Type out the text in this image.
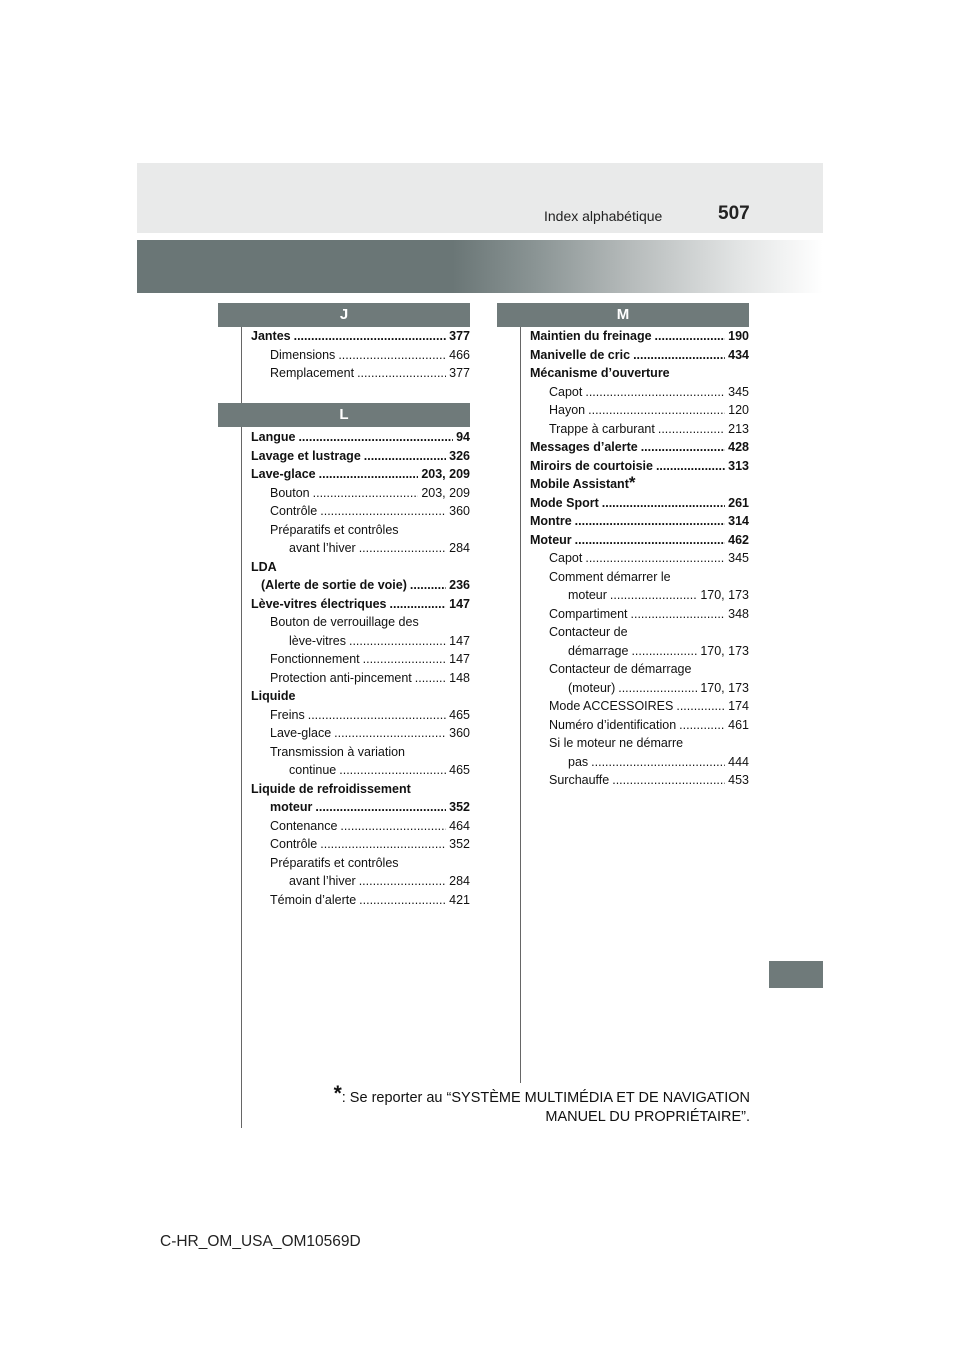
Index alphabétique	507
J
Jantes .....	377
Dimensions .....	466
Remplacement .....	377
L
Langue .....	94
Lavage et lustrage .....	326
Lave-glace .....	203, 209
Bouton .....	203, 209
Contrôle .....	360
Préparatifs et contrôles
avant l’hiver .....	284
LDA
(Alerte de sortie de voie) .....	236
Lève-vitres électriques .....	147
Bouton de verrouillage des
lève-vitres .....	147
Fonctionnement .....	147
Protection anti-pincement .....	148
Liquide
Freins .....	465
Lave-glace .....	360
Transmission à variation
continue .....	465
Liquide de refroidissement
moteur .....	352
Contenance .....	464
Contrôle .....	352
Préparatifs et contrôles
avant l’hiver .....	284
Témoin d’alerte .....	421
M
Maintien du freinage .....	190
Manivelle de cric .....	434
Mécanisme d’ouverture
Capot .....	345
Hayon .....	120
Trappe à carburant .....	213
Messages d’alerte .....	428
Miroirs de courtoisie .....	313
Mobile Assistant *
Mode Sport .....	261
Montre .....	314
Moteur .....	462
Capot .....	345
Comment démarrer le
moteur .....	170, 173
Compartiment .....	348
Contacteur de
démarrage .....	170, 173
Contacteur de démarrage
(moteur) .....	170, 173
Mode ACCESSOIRES .....	174
Numéro d’identification .....	461
Si le moteur ne démarre
pas .....	444
Surchauffe .....	453
*: Se reporter au “SYSTÈME MULTIMÉDIA ET DE NAVIGATION
MANUEL DU PROPRIÉTAIRE”.
C-HR_OM_USA_OM10569D
